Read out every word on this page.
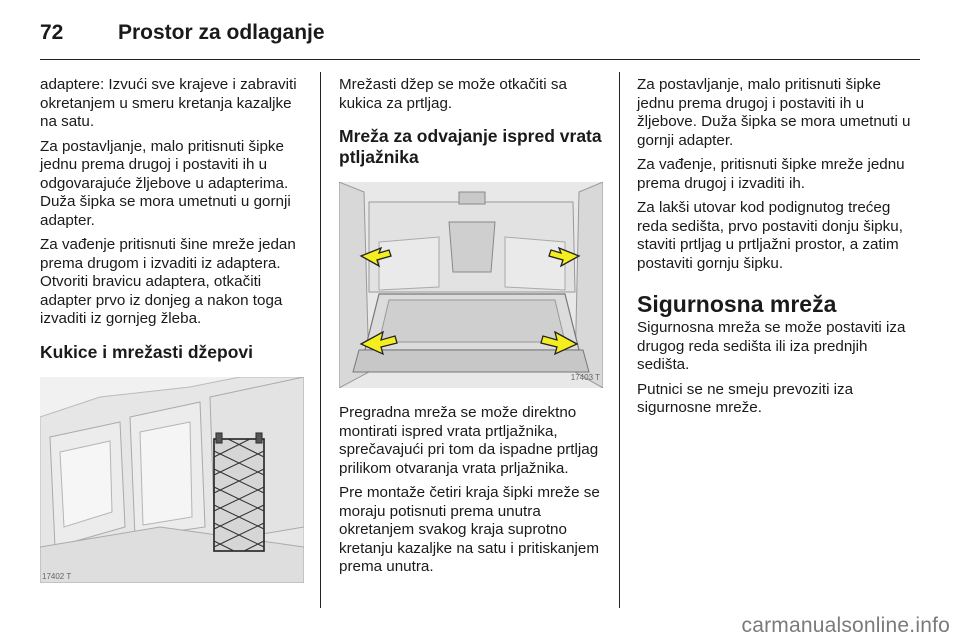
72	Prostor za odlaganje

adaptere: Izvući sve krajeve i zabraviti okretanjem u smeru kretanja kazaljke na satu.

Za postavljanje, malo pritisnuti šipke jednu prema drugoj i postaviti ih u odgovarajuće žljebove u adapterima. Duža šipka se mora umetnuti u gornji adapter.

Za vađenje pritisnuti šine mreže jedan prema drugom i izvaditi iz adaptera. Otvoriti bravicu adaptera, otkačiti adapter prvo iz donjeg a nakon toga izvaditi iz gornjeg žleba.

Kukice i mrežasti džepovi
17402 T

Mrežasti džep se može otkačiti sa kukica za prtljag.

Mreža za odvajanje ispred vrata ptljažnika
17403 T

Pregradna mreža se može direktno montirati ispred vrata prtljažnika, sprečavajući pri tom da ispadne prtljag prilikom otvaranja vrata prljažnika.

Pre montaže četiri kraja šipki mreže se moraju potisnuti prema unutra okretanjem svakog kraja suprotno kretanju kazaljke na satu i pritiskanjem prema unutra.

Za postavljanje, malo pritisnuti šipke jednu prema drugoj i postaviti ih u žljebove. Duža šipka se mora umetnuti u gornji adapter.

Za vađenje, pritisnuti šipke mreže jednu prema drugoj i izvaditi ih.

Za lakši utovar kod podignutog trećeg reda sedišta, prvo postaviti donju šipku, staviti prtljag u prtljažni prostor, a zatim postaviti gornju šipku.

Sigurnosna mreža

Sigurnosna mreža se može postaviti iza drugog reda sedišta ili iza prednjih sedišta.

Putnici se ne smeju prevoziti iza sigurnosne mreže.

carmanualsonline.info
